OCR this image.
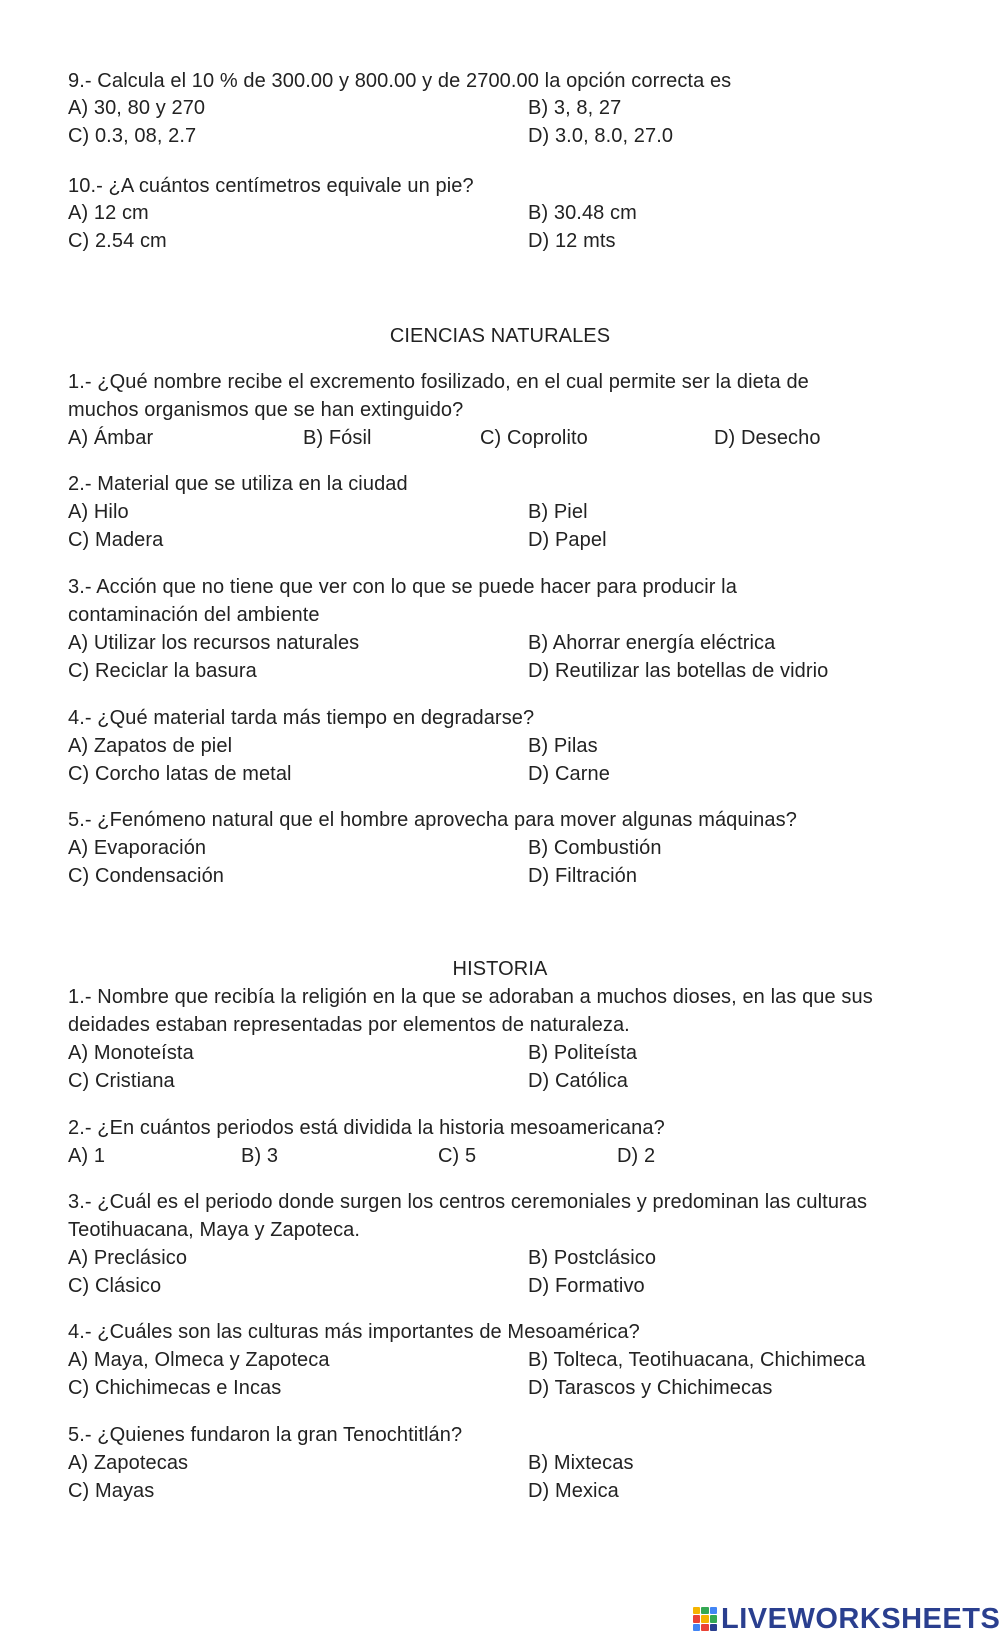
9.- Calcula el 10 % de 300.00 y 800.00 y de 2700.00 la opción correcta es
A) 30, 80 y 270	B) 3, 8, 27
C) 0.3, 08, 2.7	D) 3.0, 8.0, 27.0
10.- ¿A cuántos centímetros equivale un pie?
A) 12 cm	B) 30.48 cm
C) 2.54 cm	D) 12 mts
CIENCIAS NATURALES
1.- ¿Qué nombre recibe el excremento fosilizado, en el cual permite ser la dieta de
muchos organismos que se han extinguido?
A) Ámbar	B) Fósil	C) Coprolito	D) Desecho
2.- Material que se utiliza en la ciudad
A) Hilo	B) Piel
C) Madera	D) Papel
3.- Acción que no tiene que ver con lo que se puede hacer para producir la
contaminación del ambiente
A) Utilizar los recursos naturales	B) Ahorrar energía eléctrica
C) Reciclar la basura	D) Reutilizar las botellas de vidrio
4.- ¿Qué material tarda más tiempo en degradarse?
A) Zapatos de piel	B) Pilas
C) Corcho latas de metal	D) Carne
5.- ¿Fenómeno natural que el hombre aprovecha para mover algunas máquinas?
A) Evaporación	B) Combustión
C) Condensación	D) Filtración
HISTORIA
1.- Nombre que recibía la religión en la que se adoraban a muchos dioses, en las que sus
deidades estaban representadas por elementos de naturaleza.
A) Monoteísta	B) Politeísta
C) Cristiana	D) Católica
2.- ¿En cuántos periodos está dividida la historia mesoamericana?
A) 1	B) 3	C) 5	D) 2
3.- ¿Cuál es el periodo donde surgen los centros ceremoniales y predominan las culturas
Teotihuacana, Maya y Zapoteca.
A) Preclásico	B) Postclásico
C) Clásico	D) Formativo
4.- ¿Cuáles son las culturas más importantes de Mesoamérica?
A) Maya, Olmeca y Zapoteca	B) Tolteca, Teotihuacana, Chichimeca
C) Chichimecas e Incas	D) Tarascos y Chichimecas
5.- ¿Quienes fundaron la gran Tenochtitlán?
A) Zapotecas	B) Mixtecas
C) Mayas	D) Mexica
LIVEWORKSHEETS
